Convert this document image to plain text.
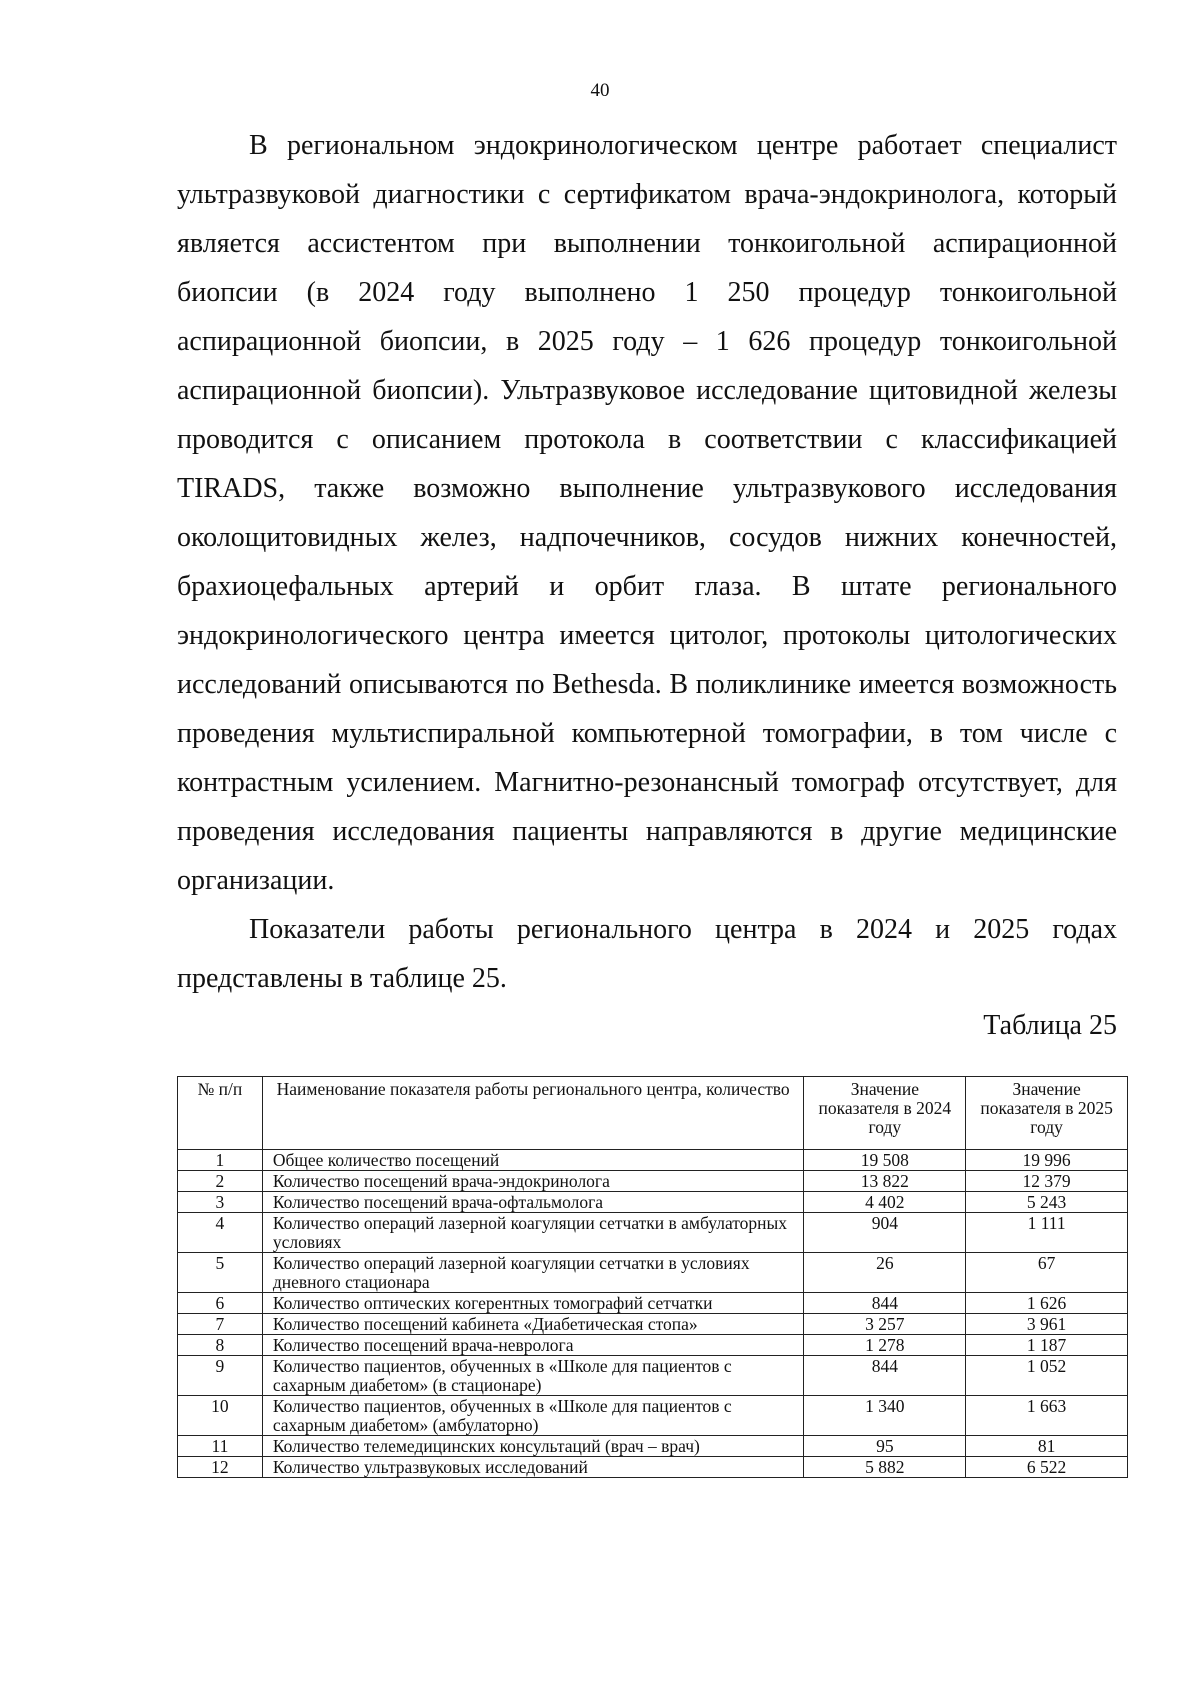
40

В региональном эндокринологическом центре работает специалист ультразвуковой диагностики с сертификатом врача-эндокринолога, который является ассистентом при выполнении тонкоигольной аспирационной биопсии (в 2024 году выполнено 1 250 процедур тонкоигольной аспирационной биопсии, в 2025 году – 1 626 процедур тонкоигольной аспирационной биопсии). Ультразвуковое исследование щитовидной железы проводится с описанием протокола в соответствии с классификацией TIRADS, также возможно выполнение ультразвукового исследования околощитовидных желез, надпочечников, сосудов нижних конечностей, брахиоцефальных артерий и орбит глаза. В штате регионального эндокринологического центра имеется цитолог, протоколы цитологических исследований описываются по Bethesda. В поликлинике имеется возможность проведения мультиспиральной компьютерной томографии, в том числе с контрастным усилением. Магнитно-резонансный томограф отсутствует, для проведения исследования пациенты направляются в другие медицинские организации.

Показатели работы регионального центра в 2024 и 2025 годах представлены в таблице 25.

Таблица 25
№ п/п	Наименование показателя работы регионального центра, количество	Значение показателя в 2024 году	Значение показателя в 2025 году
1	Общее количество посещений	19 508	19 996
2	Количество посещений врача-эндокринолога	13 822	12 379
3	Количество посещений врача-офтальмолога	4 402	5 243
4	Количество операций лазерной коагуляции сетчатки в амбулаторных условиях	904	1 111
5	Количество операций лазерной коагуляции сетчатки в условиях дневного стационара	26	67
6	Количество оптических когерентных томографий сетчатки	844	1 626
7	Количество посещений кабинета «Диабетическая стопа»	3 257	3 961
8	Количество посещений врача-невролога	1 278	1 187
9	Количество пациентов, обученных в «Школе для пациентов с сахарным диабетом» (в стационаре)	844	1 052
10	Количество пациентов, обученных в «Школе для пациентов с сахарным диабетом» (амбулаторно)	1 340	1 663
11	Количество телемедицинских консультаций (врач – врач)	95	81
12	Количество ультразвуковых исследований	5 882	6 522
